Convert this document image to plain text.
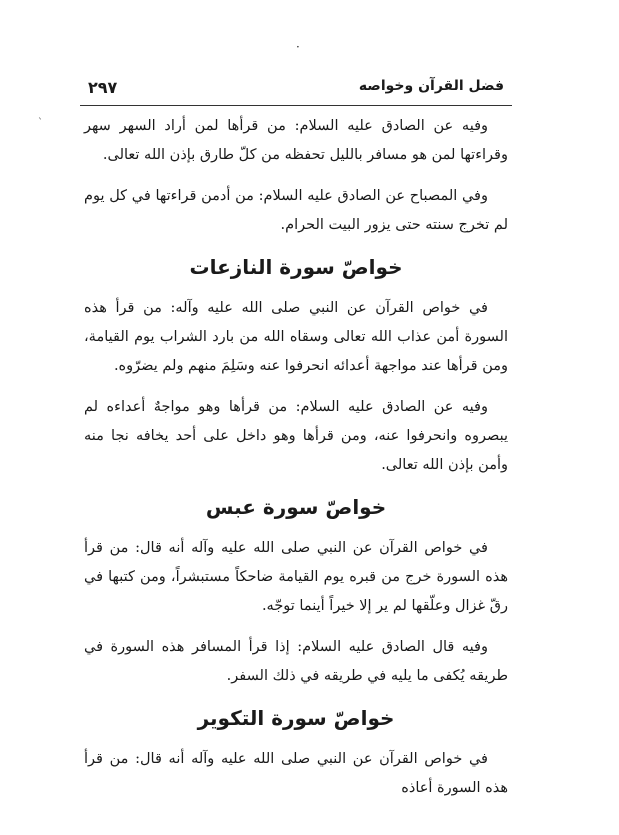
·
٢٩٧	فضل القرآن وخواصه
`	وفيه عن الصادق عليه السلام: من قرأها لمن أراد السهر سهر وقراءتها لمن هو مسافر بالليل تحفظه من كلّ طارق بإذن الله تعالى.

وفي المصباح عن الصادق عليه السلام: من أدمن قراءتها في كل يوم لم تخرج سنته حتى يزور البيت الحرام.

خواصّ سورة النازعات

في خواص القرآن عن النبي صلى الله عليه وآله: من قرأ هذه السورة أمن عذاب الله تعالى وسقاه الله من بارد الشراب يوم القيامة، ومن قرأها عند مواجهة أعدائه انحرفوا عنه وسَلِمَ منهم ولم يضرّوه.

وفيه عن الصادق عليه السلام: من قرأها وهو مواجهٌ أعداءه لم يبصروه وانحرفوا عنه، ومن قرأها وهو داخل على أحد يخافه نجا منه وأمن بإذن الله تعالى.

خواصّ سورة عبس

في خواص القرآن عن النبي صلى الله عليه وآله أنه قال: من قرأ هذه السورة خرج من قبره يوم القيامة ضاحكاً مستبشراً، ومن كتبها في رقّ غزال وعلّقها لم ير إلا خيراً أينما توجّه.

وفيه قال الصادق عليه السلام: إذا قرأ المسافر هذه السورة في طريقه يُكفى ما يليه في طريقه في ذلك السفر.

خواصّ سورة التكوير

في خواص القرآن عن النبي صلى الله عليه وآله أنه قال: من قرأ هذه السورة أعاذه
